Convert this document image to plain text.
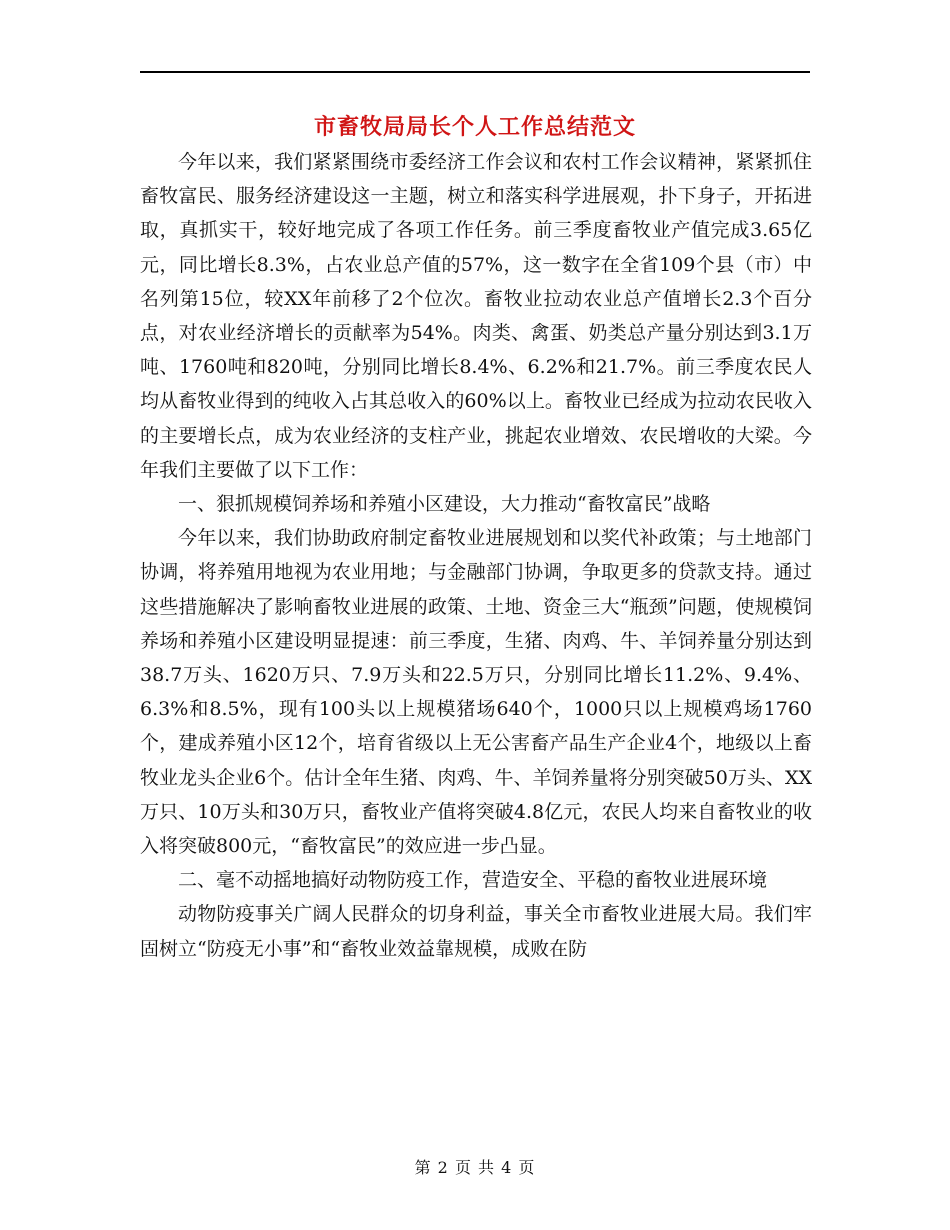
市畜牧局局长个人工作总结范文

今年以来，我们紧紧围绕市委经济工作会议和农村工作会议精神，紧紧抓住畜牧富民、服务经济建设这一主题，树立和落实科学进展观，扑下身子，开拓进取，真抓实干，较好地完成了各项工作任务。前三季度畜牧业产值完成3.65亿元，同比增长8.3%，占农业总产值的57%，这一数字在全省109个县（市）中名列第15位，较XX年前移了2个位次。畜牧业拉动农业总产值增长2.3个百分点，对农业经济增长的贡献率为54%。肉类、禽蛋、奶类总产量分别达到3.1万吨、1760吨和820吨，分别同比增长8.4%、6.2%和21.7%。前三季度农民人均从畜牧业得到的纯收入占其总收入的60%以上。畜牧业已经成为拉动农民收入的主要增长点，成为农业经济的支柱产业，挑起农业增效、农民增收的大梁。今年我们主要做了以下工作：

一、狠抓规模饲养场和养殖小区建设，大力推动“畜牧富民”战略

今年以来，我们协助政府制定畜牧业进展规划和以奖代补政策；与土地部门协调，将养殖用地视为农业用地；与金融部门协调，争取更多的贷款支持。通过这些措施解决了影响畜牧业进展的政策、土地、资金三大“瓶颈”问题，使规模饲养场和养殖小区建设明显提速：前三季度，生猪、肉鸡、牛、羊饲养量分别达到38.7万头、1620万只、7.9万头和22.5万只，分别同比增长11.2%、9.4%、6.3%和8.5%，现有100头以上规模猪场640个，1000只以上规模鸡场1760个，建成养殖小区12个，培育省级以上无公害畜产品生产企业4个，地级以上畜牧业龙头企业6个。估计全年生猪、肉鸡、牛、羊饲养量将分别突破50万头、XX万只、10万头和30万只，畜牧业产值将突破4.8亿元，农民人均来自畜牧业的收入将突破800元，“畜牧富民”的效应进一步凸显。

二、毫不动摇地搞好动物防疫工作，营造安全、平稳的畜牧业进展环境

动物防疫事关广阔人民群众的切身利益，事关全市畜牧业进展大局。我们牢固树立“防疫无小事”和“畜牧业效益靠规模，成败在防

第 2 页 共 4 页
